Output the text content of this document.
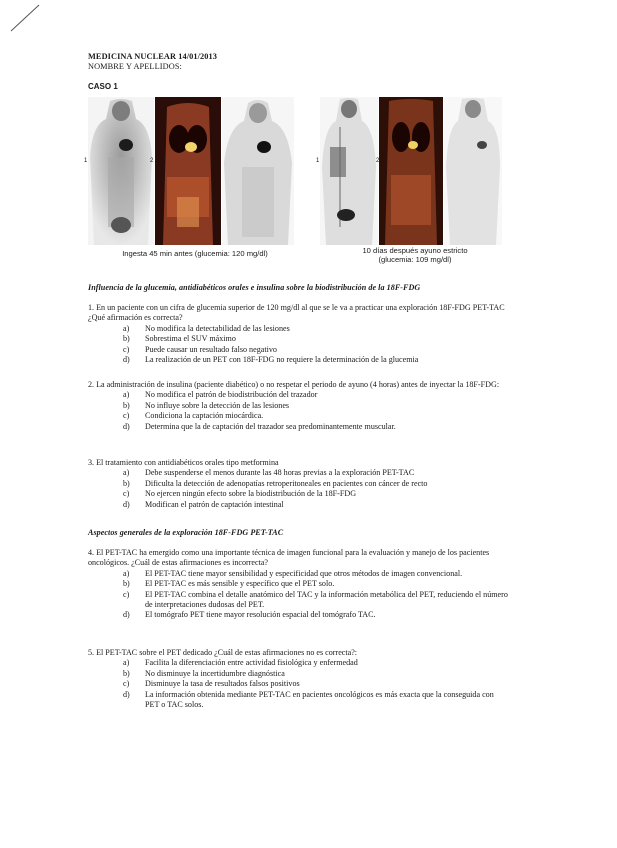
MEDICINA NUCLEAR 14/01/2013
NOMBRE Y APELLIDOS:
CASO 1
1	2	1	2
Ingesta 45 min antes (glucemia: 120 mg/dl)	10 días después ayuno estricto
(glucemia: 109 mg/dl)
Influencia de la glucemia, antidiabéticos orales e insulina sobre la biodistribución de la 18F-FDG

1. En un paciente con un cifra de glucemia superior de 120 mg/dl al que se le va a practicar una exploración 18F-FDG PET-TAC ¿Qué afirmación es correcta?

a)	No modifica la detectabilidad de las lesiones
b)	Sobrestima el SUV máximo
c)	Puede causar un resultado falso negativo
d)	La realización de un PET con 18F-FDG no requiere la determinación de la glucemia

2. La administración de insulina (paciente diabético) o no respetar el periodo de ayuno (4 horas) antes de inyectar la 18F-FDG:

a)	No modifica el patrón de biodistribución del trazador
b)	No influye sobre la detección de las lesiones
c)	Condiciona la captación miocárdica.
d)	Determina que la de captación del trazador sea predominantemente muscular.

3. El tratamiento con antidiabéticos orales tipo metformina

a)	Debe suspenderse el menos durante las 48 horas previas a la exploración PET-TAC
b)	Dificulta la detección de adenopatías retroperitoneales en pacientes con cáncer de recto
c)	No ejercen ningún efecto sobre la biodistribución de la 18F-FDG
d)	Modifican el patrón de captación intestinal
Aspectos generales de la exploración 18F-FDG PET-TAC

4. El PET-TAC ha emergido como una importante técnica de imagen funcional para la evaluación y manejo de los pacientes oncológicos. ¿Cuál de estas afirmaciones es incorrecta?

a)	El PET-TAC tiene mayor sensibilidad y especificidad que otros métodos de imagen convencional.
b)	El PET-TAC es más sensible y específico que el PET solo.
c)	El PET-TAC combina el detalle anatómico del TAC y la información metabólica del PET, reduciendo el número de interpretaciones dudosas del PET.
d)	El tomógrafo PET tiene mayor resolución espacial del tomógrafo TAC.

5. El PET-TAC sobre el PET dedicado ¿Cuál de estas afirmaciones no es correcta?:

a)	Facilita la diferenciación entre actividad fisiológica y enfermedad
b)	No disminuye la incertidumbre diagnóstica
c)	Disminuye la tasa de resultados falsos positivos
d)	La información obtenida mediante PET-TAC en pacientes oncológicos es más exacta que la conseguida con PET o TAC solos.
